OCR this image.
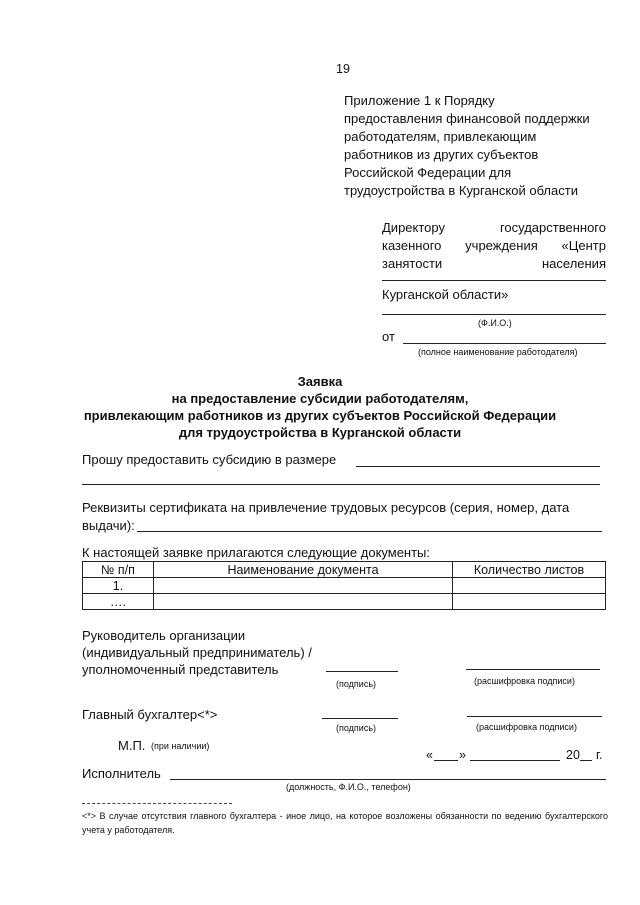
19
Приложение 1 к Порядку
предоставления финансовой поддержки
работодателям, привлекающим
работников из других субъектов
Российской Федерации для
трудоустройства в Курганской области
Директору	государственного
казенного учреждения «Центр
занятости	населения
Курганской области»
(Ф.И.О.)
от
(полное наименование работодателя)
Заявка
на предоставление субсидии работодателям,
привлекающим работников из других субъектов Российской Федерации
для трудоустройства в Курганской области
Прошу предоставить субсидию в размере
Реквизиты сертификата на привлечение трудовых ресурсов (серия, номер, дата
выдачи):
К настоящей заявке прилагаются следующие документы:
№ п/п	Наименование документа	Количество листов
1.		
….		
Руководитель организации
(индивидуальный предприниматель) /
уполномоченный представитель
(подпись)	(расшифровка подписи)
Главный бухгалтер<*>
(подпись)	(расшифровка подписи)
М.П. (при наличии)
« »	20 г.
Исполнитель
(должность, Ф.И.О., телефон)
<*> В случае отсутствия главного бухгалтера - иное лицо, на которое возложены обязанности по ведению бухгалтерского учета у работодателя.
